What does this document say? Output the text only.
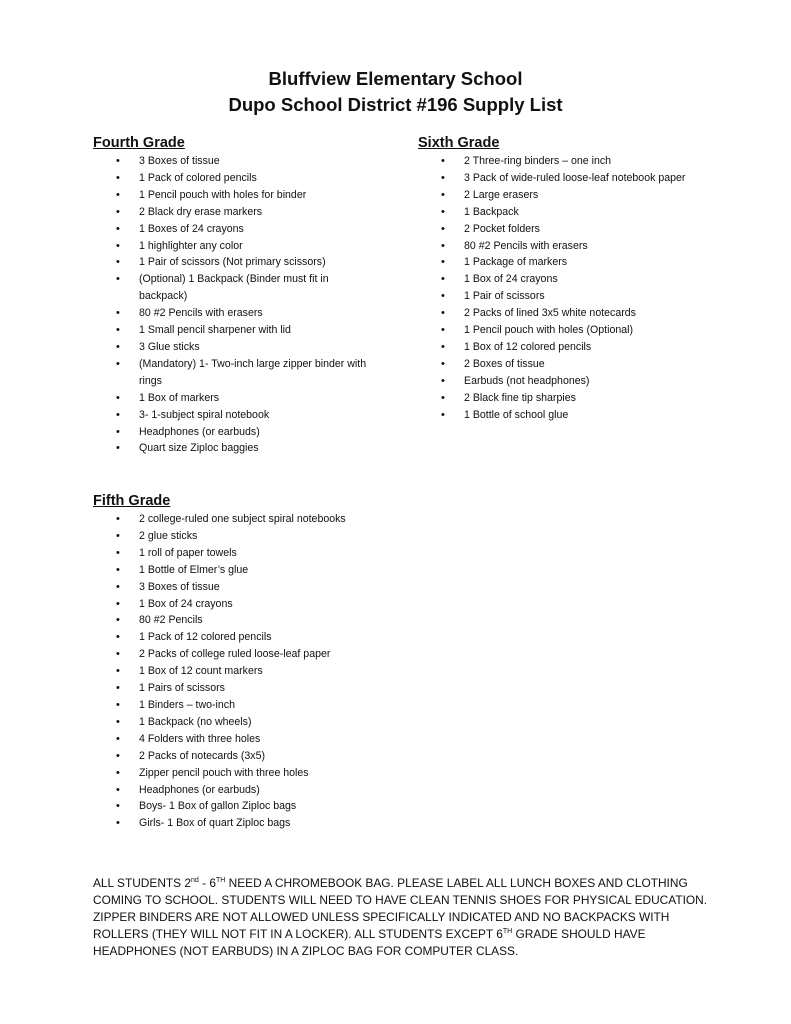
Bluffview Elementary School
Dupo School District #196 Supply List
Fourth Grade
• 3 Boxes of tissue
• 1 Pack of colored pencils
• 1 Pencil pouch with holes for binder
• 2 Black dry erase markers
• 1 Boxes of 24 crayons
• 1 highlighter any color
• 1 Pair of scissors (Not primary scissors)
• (Optional) 1 Backpack (Binder must fit in backpack)
• 80 #2 Pencils with erasers
• 1 Small pencil sharpener with lid
• 3 Glue sticks
• (Mandatory) 1- Two-inch large zipper binder with rings
• 1 Box of markers
• 3- 1-subject spiral notebook
• Headphones (or earbuds)
• Quart size Ziploc baggies
Sixth Grade
• 2 Three-ring binders – one inch
• 3 Pack of wide-ruled loose-leaf notebook paper
• 2 Large erasers
• 1 Backpack
• 2 Pocket folders
• 80 #2 Pencils with erasers
• 1 Package of markers
• 1 Box of 24 crayons
• 1 Pair of scissors
• 2 Packs of lined 3x5 white notecards
• 1 Pencil pouch with holes (Optional)
• 1 Box of 12 colored pencils
• 2 Boxes of tissue
• Earbuds (not headphones)
• 2 Black fine tip sharpies
• 1 Bottle of school glue
Fifth Grade
• 2 college-ruled one subject spiral notebooks
• 2 glue sticks
• 1 roll of paper towels
• 1 Bottle of Elmer’s glue
• 3 Boxes of tissue
• 1 Box of 24 crayons
• 80 #2 Pencils
• 1 Pack of 12 colored pencils
• 2 Packs of college ruled loose-leaf paper
• 1 Box of 12 count markers
• 1 Pairs of scissors
• 1 Binders – two-inch
• 1 Backpack (no wheels)
• 4 Folders with three holes
• 2 Packs of notecards (3x5)
• Zipper pencil pouch with three holes
• Headphones (or earbuds)
• Boys- 1 Box of gallon Ziploc bags
• Girls- 1 Box of quart Ziploc bags
ALL STUDENTS 2nd - 6TH NEED A CHROMEBOOK BAG. PLEASE LABEL ALL LUNCH BOXES AND CLOTHING COMING TO SCHOOL. STUDENTS WILL NEED TO HAVE CLEAN TENNIS SHOES FOR PHYSICAL EDUCATION. ZIPPER BINDERS ARE NOT ALLOWED UNLESS SPECIFICALLY INDICATED AND NO BACKPACKS WITH ROLLERS (THEY WILL NOT FIT IN A LOCKER). ALL STUDENTS EXCEPT 6TH GRADE SHOULD HAVE HEADPHONES (NOT EARBUDS) IN A ZIPLOC BAG FOR COMPUTER CLASS.
